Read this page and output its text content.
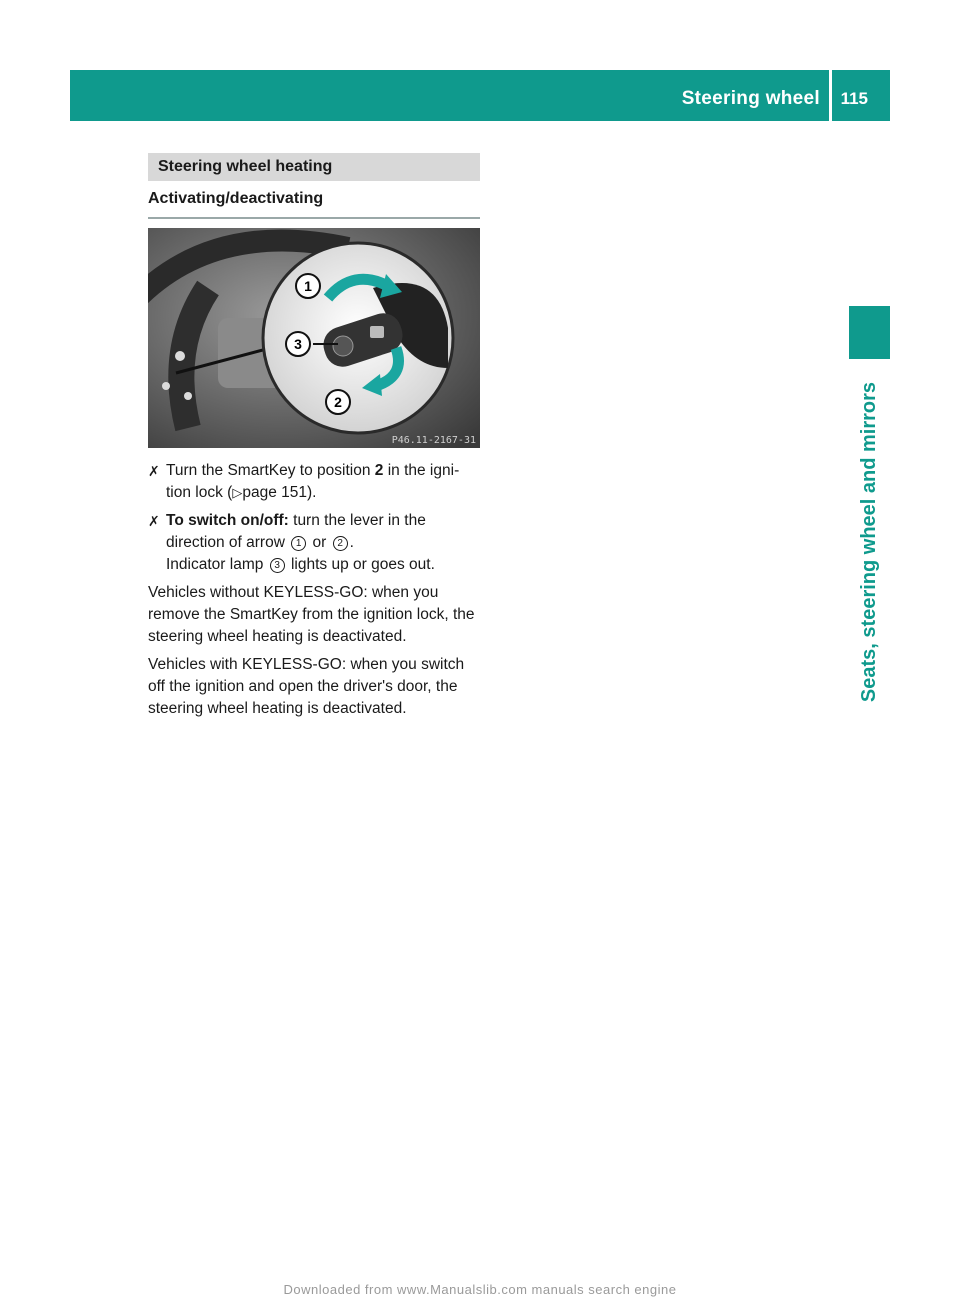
Steering wheel 115
Seats, steering wheel and mirrors
Steering wheel heating
Activating/deactivating
1
3
2
P46.11-2167-31
✗ Turn the SmartKey to position 2 in the igni-tion lock (▷page 151).
✗ To switch on/off: turn the lever in the direction of arrow 1 or 2 .
Indicator lamp 3 lights up or goes out.

Vehicles without KEYLESS-GO: when you remove the SmartKey from the ignition lock, the steering wheel heating is deactivated.

Vehicles with KEYLESS-GO: when you switch off the ignition and open the driver's door, the steering wheel heating is deactivated.

Downloaded from www.Manualslib.com manuals search engine
